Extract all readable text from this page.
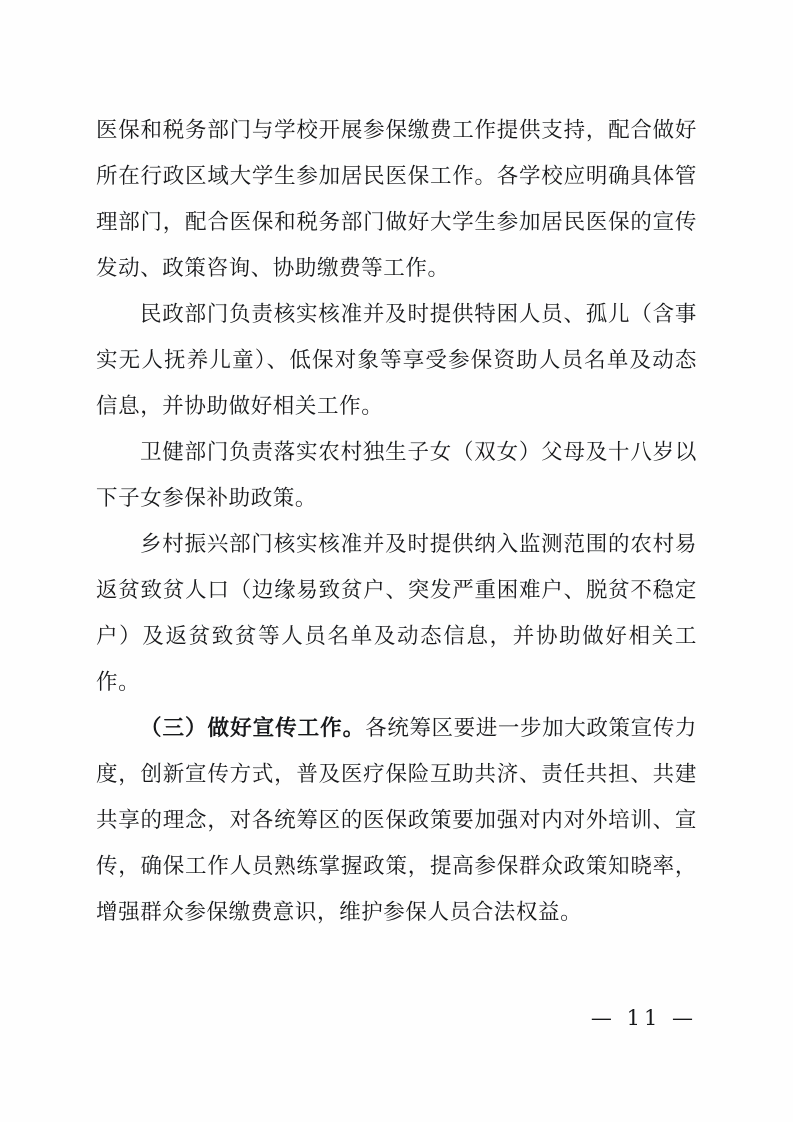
医保和税务部门与学校开展参保缴费工作提供支持，配合做好所在行政区域大学生参加居民医保工作。各学校应明确具体管理部门，配合医保和税务部门做好大学生参加居民医保的宣传发动、政策咨询、协助缴费等工作。

民政部门负责核实核准并及时提供特困人员、孤儿（含事实无人抚养儿童）、低保对象等享受参保资助人员名单及动态信息，并协助做好相关工作。

卫健部门负责落实农村独生子女（双女）父母及十八岁以下子女参保补助政策。

乡村振兴部门核实核准并及时提供纳入监测范围的农村易返贫致贫人口（边缘易致贫户、突发严重困难户、脱贫不稳定户）及返贫致贫等人员名单及动态信息，并协助做好相关工作。

（三）做好宣传工作。各统筹区要进一步加大政策宣传力度，创新宣传方式，普及医疗保险互助共济、责任共担、共建共享的理念，对各统筹区的医保政策要加强对内对外培训、宣传，确保工作人员熟练掌握政策，提高参保群众政策知晓率，增强群众参保缴费意识，维护参保人员合法权益。

— 11 —
